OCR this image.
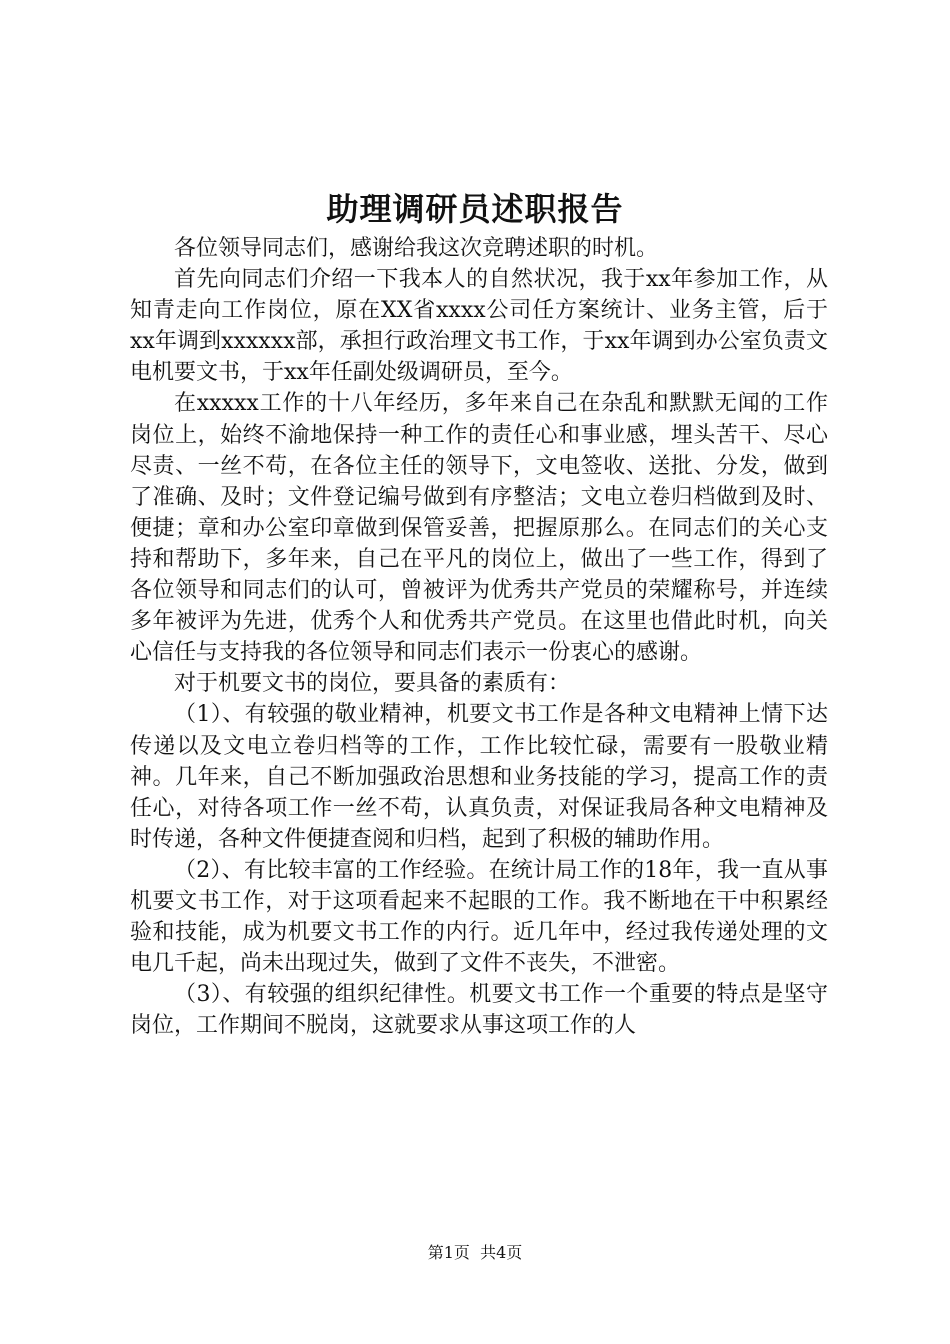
助理调研员述职报告

各位领导同志们，感谢给我这次竞聘述职的时机。

首先向同志们介绍一下我本人的自然状况，我于xx年参加工作，从知青走向工作岗位，原在XX省xxxx公司任方案统计、业务主管，后于xx年调到xxxxxx部，承担行政治理文书工作，于xx年调到办公室负责文电机要文书，于xx年任副处级调研员，至今。

在xxxxx工作的十八年经历，多年来自己在杂乱和默默无闻的工作岗位上，始终不渝地保持一种工作的责任心和事业感，埋头苦干、尽心尽责、一丝不苟，在各位主任的领导下，文电签收、送批、分发，做到了准确、及时；文件登记编号做到有序整洁；文电立卷归档做到及时、便捷；章和办公室印章做到保管妥善，把握原那么。在同志们的关心支持和帮助下，多年来，自己在平凡的岗位上，做出了一些工作，得到了各位领导和同志们的认可，曾被评为优秀共产党员的荣耀称号，并连续多年被评为先进，优秀个人和优秀共产党员。在这里也借此时机，向关心信任与支持我的各位领导和同志们表示一份衷心的感谢。

对于机要文书的岗位，要具备的素质有：

（1）、有较强的敬业精神，机要文书工作是各种文电精神上情下达传递以及文电立卷归档等的工作，工作比较忙碌，需要有一股敬业精神。几年来，自己不断加强政治思想和业务技能的学习，提高工作的责任心，对待各项工作一丝不苟，认真负责，对保证我局各种文电精神及时传递，各种文件便捷查阅和归档，起到了积极的辅助作用。

（2）、有比较丰富的工作经验。在统计局工作的18年，我一直从事机要文书工作，对于这项看起来不起眼的工作。我不断地在干中积累经验和技能，成为机要文书工作的内行。近几年中，经过我传递处理的文电几千起，尚未出现过失，做到了文件不丧失，不泄密。

（3）、有较强的组织纪律性。机要文书工作一个重要的特点是坚守岗位，工作期间不脱岗，这就要求从事这项工作的人

第1页 共4页
